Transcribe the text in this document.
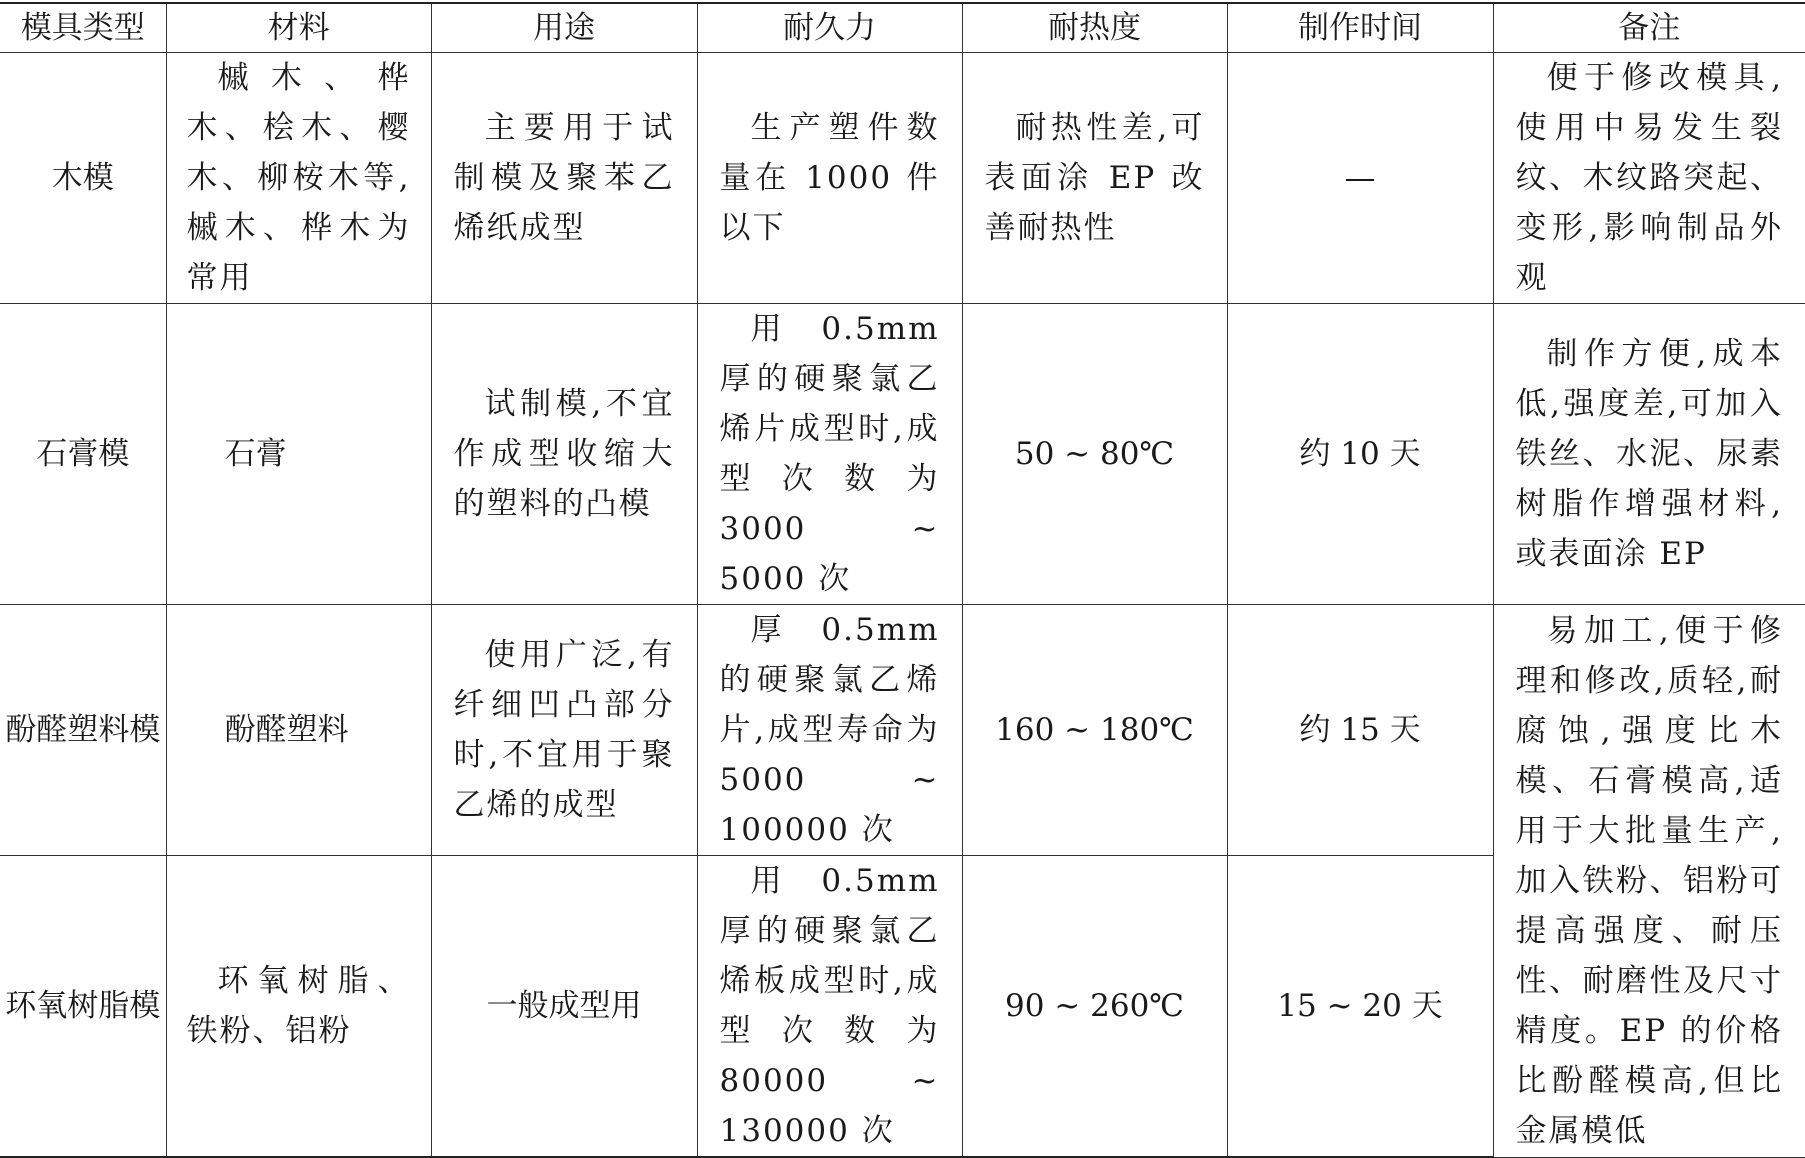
模具类型	材料	用途	耐久力	耐热度	制作时间	备注
木模	槭木、桦木、桧木、樱木、柳桉木等,槭木、桦木为常用	主要用于试制模及聚苯乙烯纸成型	生产塑件数量在 1000 件以下	耐热性差,可表面涂 EP 改善耐热性	—	便于修改模具,使用中易发生裂纹、木纹路突起、变形,影响制品外观
石膏模	石膏	试制模,不宜作成型收缩大的塑料的凸模	用 0.5mm 厚的硬聚氯乙烯片成型时,成型次数为 3000 ~ 5000 次	50 ~ 80℃	约 10 天	制作方便,成本低,强度差,可加入铁丝、水泥、尿素树脂作增强材料,或表面涂 EP
酚醛塑料模	酚醛塑料	使用广泛,有纤细凹凸部分时,不宜用于聚乙烯的成型	厚 0.5mm 的硬聚氯乙烯片,成型寿命为 5000 ~ 100000 次	160 ~ 180℃	约 15 天	易加工,便于修理和修改,质轻,耐腐蚀,强度比木模、石膏模高,适用于大批量生产,加入铁粉、铝粉可提高强度、耐压性、耐磨性及尺寸精度。EP 的价格比酚醛模高,但比金属模低
环氧树脂模	环氧树脂、铁粉、铝粉	一般成型用	用 0.5mm 厚的硬聚氯乙烯板成型时,成型次数为 80000 ~ 130000 次	90 ~ 260℃	15 ~ 20 天	
